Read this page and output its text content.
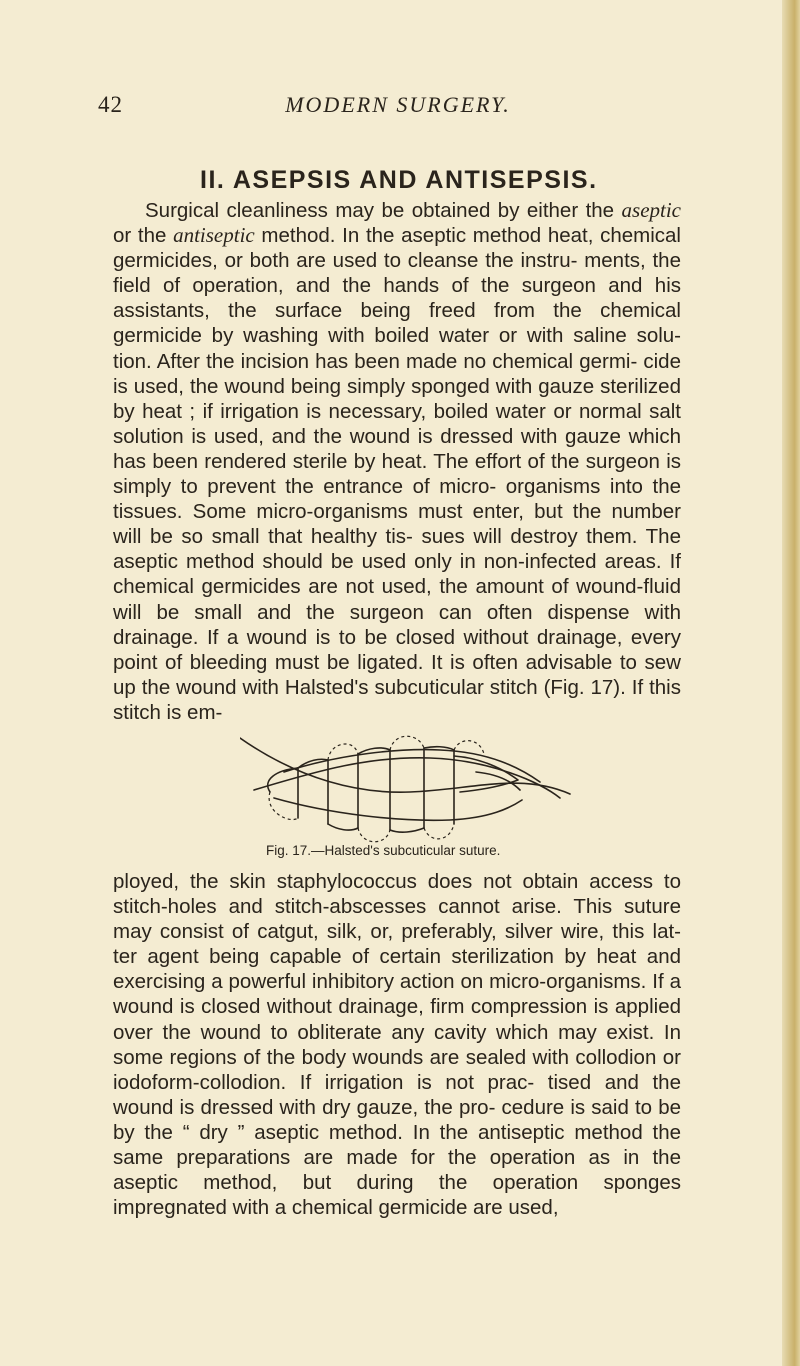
42	MODERN SURGERY.
II. ASEPSIS AND ANTISEPSIS.

Surgical cleanliness may be obtained by either the aseptic or the antiseptic method. In the aseptic method heat, chemical germicides, or both are used to cleanse the instru- ments, the field of operation, and the hands of the surgeon and his assistants, the surface being freed from the chemical germicide by washing with boiled water or with saline solu- tion. After the incision has been made no chemical germi- cide is used, the wound being simply sponged with gauze sterilized by heat ; if irrigation is necessary, boiled water or normal salt solution is used, and the wound is dressed with gauze which has been rendered sterile by heat. The effort of the surgeon is simply to prevent the entrance of micro- organisms into the tissues. Some micro-organisms must enter, but the number will be so small that healthy tis- sues will destroy them. The aseptic method should be used only in non-infected areas. If chemical germicides are not used, the amount of wound-fluid will be small and the surgeon can often dispense with drainage. If a wound is to be closed without drainage, every point of bleeding must be ligated. It is often advisable to sew up the wound with Halsted's subcuticular stitch (Fig. 17). If this stitch is em-

Fig. 17.—Halsted's subcuticular suture.

ployed, the skin staphylococcus does not obtain access to stitch-holes and stitch-abscesses cannot arise. This suture may consist of catgut, silk, or, preferably, silver wire, this lat- ter agent being capable of certain sterilization by heat and exercising a powerful inhibitory action on micro-organisms. If a wound is closed without drainage, firm compression is applied over the wound to obliterate any cavity which may exist. In some regions of the body wounds are sealed with collodion or iodoform-collodion. If irrigation is not prac- tised and the wound is dressed with dry gauze, the pro- cedure is said to be by the “ dry ” aseptic method. In the antiseptic method the same preparations are made for the operation as in the aseptic method, but during the operation sponges impregnated with a chemical germicide are used,
